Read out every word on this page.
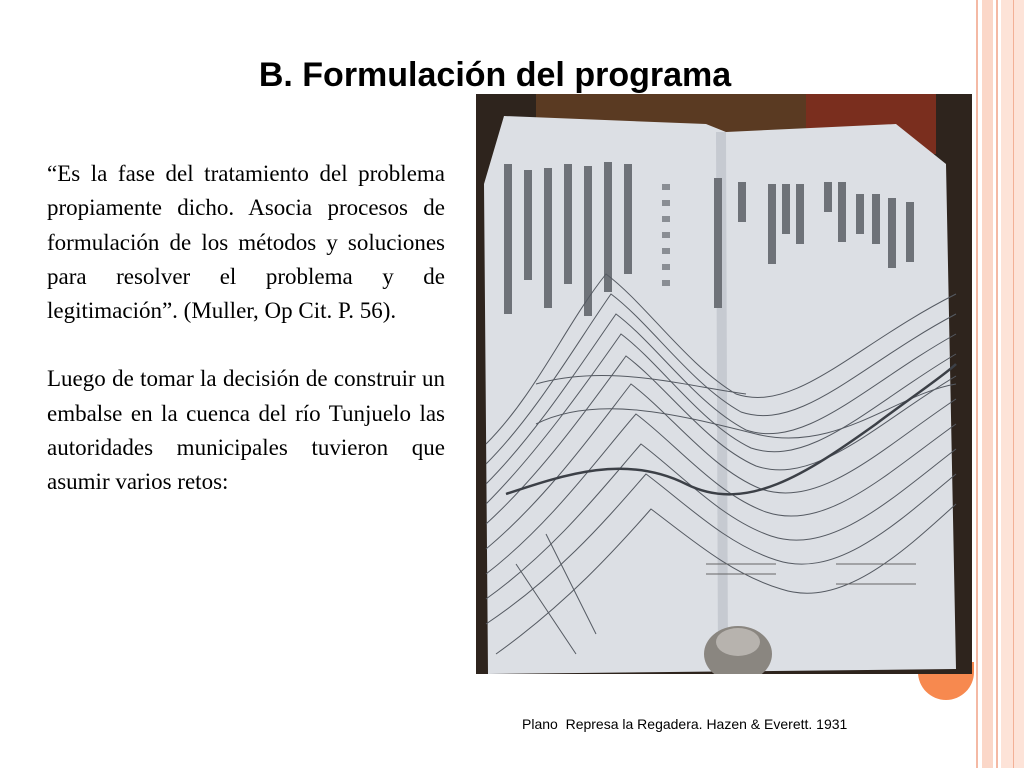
B. Formulación del programa

“Es la fase del tratamiento del problema propiamente dicho. Asocia procesos de formulación de los métodos y soluciones para resolver el problema y de legitimación”. (Muller, Op Cit. P. 56).

Luego de tomar la decisión de construir un embalse en la cuenca del río Tunjuelo las autoridades municipales tuvieron que asumir varios retos:

Plano  Represa la Regadera. Hazen & Everett. 1931
